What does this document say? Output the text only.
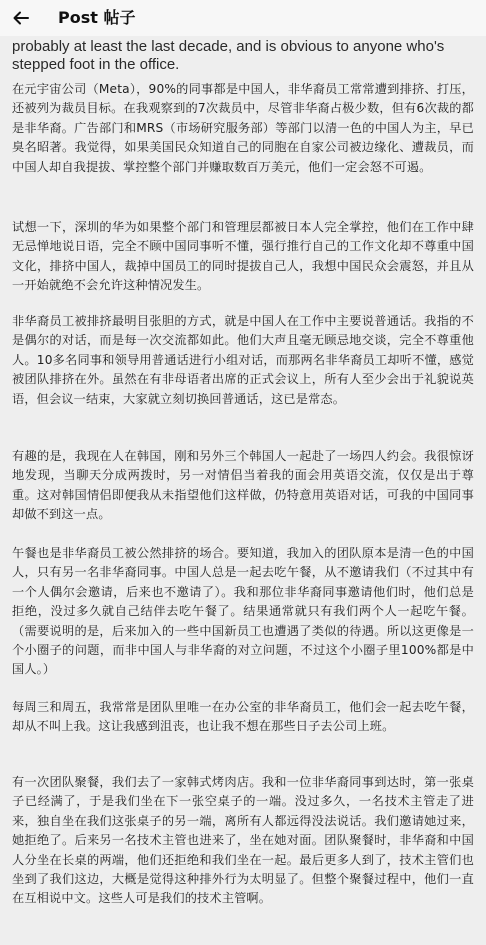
probably at least the last decade, and is obvious to anyone who's

stepped foot in the office.

在元宇宙公司（Meta），90%的同事都是中国人，非华裔员工常常遭到排挤、打压，还被列为裁员目标。在我观察到的7次裁员中，尽管非华裔占极少数，但有6次裁的都是非华裔。广告部门和MRS（市场研究服务部）等部门以清一色的中国人为主，早已臭名昭著。我觉得，如果美国民众知道自己的同胞在自家公司被边缘化、遭裁员，而中国人却自我提拔、掌控整个部门并赚取数百万美元，他们一定会怒不可遏。

试想一下，深圳的华为如果整个部门和管理层都被日本人完全掌控，他们在工作中肆无忌惮地说日语，完全不顾中国同事听不懂，强行推行自己的工作文化却不尊重中国文化，排挤中国人，裁掉中国员工的同时提拔自己人，我想中国民众会震怒，并且从一开始就绝不会允许这种情况发生。

非华裔员工被排挤最明目张胆的方式，就是中国人在工作中主要说普通话。我指的不是偶尔的对话，而是每一次交流都如此。他们大声且毫无顾忌地交谈，完全不尊重他人。10多名同事和领导用普通话进行小组对话，而那两名非华裔员工却听不懂，感觉被团队排挤在外。虽然在有非母语者出席的正式会议上，所有人至少会出于礼貌说英语，但会议一结束，大家就立刻切换回普通话，这已是常态。

有趣的是，我现在人在韩国，刚和另外三个韩国人一起赴了一场四人约会。我很惊讶地发现，当聊天分成两拨时，另一对情侣当着我的面会用英语交流，仅仅是出于尊重。这对韩国情侣即便我从未指望他们这样做，仍特意用英语对话，可我的中国同事却做不到这一点。

午餐也是非华裔员工被公然排挤的场合。要知道，我加入的团队原本是清一色的中国人，只有另一名非华裔同事。中国人总是一起去吃午餐，从不邀请我们（不过其中有一个人偶尔会邀请，后来也不邀请了）。我和那位非华裔同事邀请他们时，他们总是拒绝，没过多久就自己结伴去吃午餐了。结果通常就只有我们两个人一起吃午餐。（需要说明的是，后来加入的一些中国新员工也遭遇了类似的待遇。所以这更像是一个小圈子的问题，而非中国人与非华裔的对立问题，不过这个小圈子里100%都是中国人。）

每周三和周五，我常常是团队里唯一在办公室的非华裔员工，他们会一起去吃午餐，却从不叫上我。这让我感到沮丧，也让我不想在那些日子去公司上班。

有一次团队聚餐，我们去了一家韩式烤肉店。我和一位非华裔同事到达时，第一张桌子已经满了，于是我们坐在下一张空桌子的一端。没过多久，一名技术主管走了进来，独自坐在我们这张桌子的另一端，离所有人都远得没法说话。我们邀请她过来，她拒绝了。后来另一名技术主管也进来了，坐在她对面。团队聚餐时，非华裔和中国人分坐在长桌的两端，他们还拒绝和我们坐在一起。最后更多人到了，技术主管们也坐到了我们这边，大概是觉得这种排外行为太明显了。但整个聚餐过程中，他们一直在互相说中文。这些人可是我们的技术主管啊。

Post 帖子
